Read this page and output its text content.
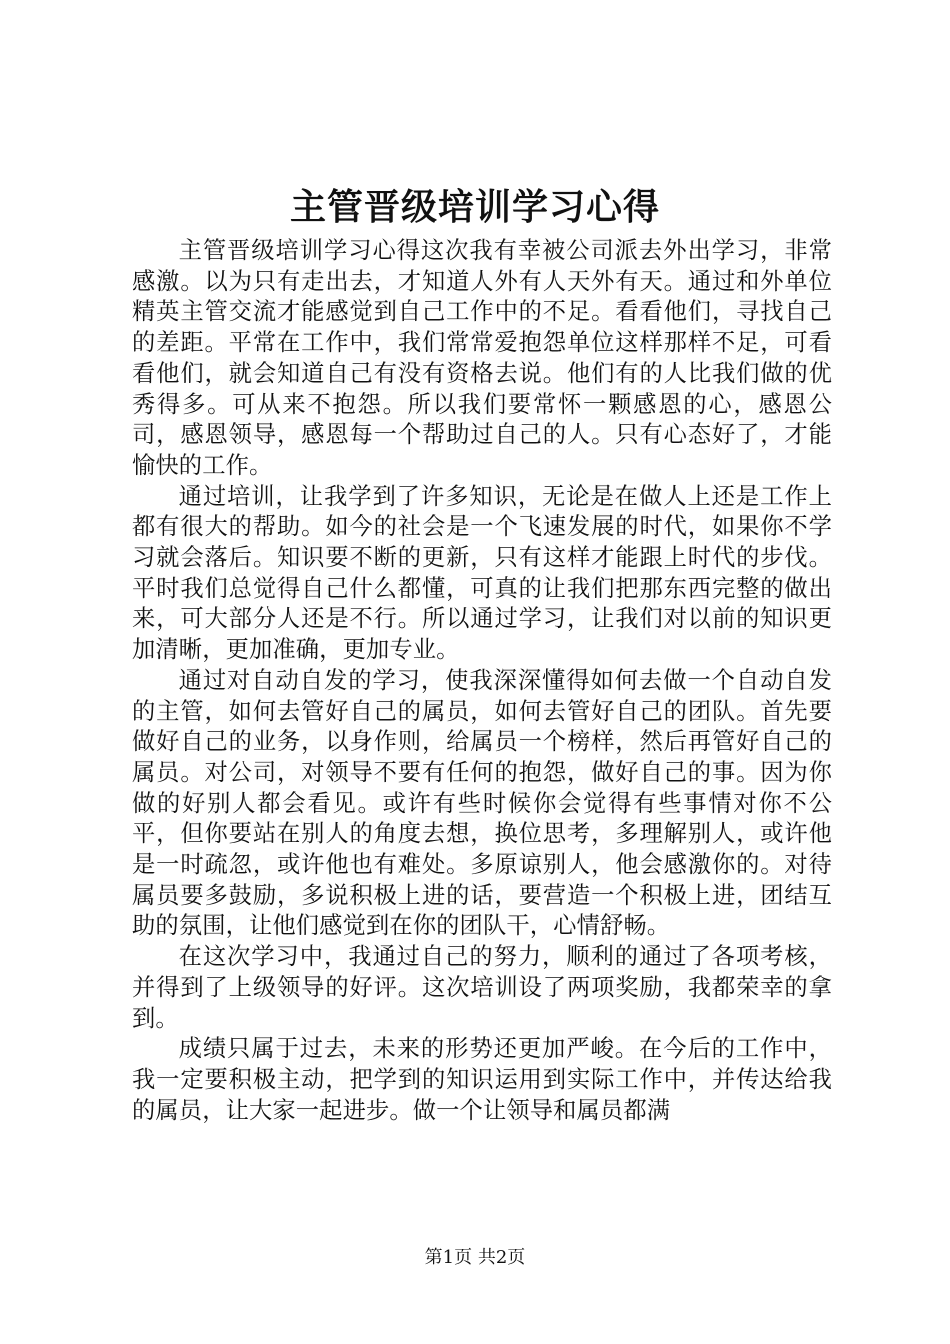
主管晋级培训学习心得

主管晋级培训学习心得这次我有幸被公司派去外出学习，非常感激。以为只有走出去，才知道人外有人天外有天。通过和外单位精英主管交流才能感觉到自己工作中的不足。看看他们，寻找自己的差距。平常在工作中，我们常常爱抱怨单位这样那样不足，可看看他们，就会知道自己有没有资格去说。他们有的人比我们做的优秀得多。可从来不抱怨。所以我们要常怀一颗感恩的心，感恩公司，感恩领导，感恩每一个帮助过自己的人。只有心态好了，才能愉快的工作。

通过培训，让我学到了许多知识，无论是在做人上还是工作上都有很大的帮助。如今的社会是一个飞速发展的时代，如果你不学习就会落后。知识要不断的更新，只有这样才能跟上时代的步伐。平时我们总觉得自己什么都懂，可真的让我们把那东西完整的做出来，可大部分人还是不行。所以通过学习，让我们对以前的知识更加清晰，更加准确，更加专业。

通过对自动自发的学习，使我深深懂得如何去做一个自动自发的主管，如何去管好自己的属员，如何去管好自己的团队。首先要做好自己的业务，以身作则，给属员一个榜样，然后再管好自己的属员。对公司，对领导不要有任何的抱怨，做好自己的事。因为你做的好别人都会看见。或许有些时候你会觉得有些事情对你不公平，但你要站在别人的角度去想，换位思考，多理解别人，或许他是一时疏忽，或许他也有难处。多原谅别人，他会感激你的。对待属员要多鼓励，多说积极上进的话，要营造一个积极上进，团结互助的氛围，让他们感觉到在你的团队干，心情舒畅。

在这次学习中，我通过自己的努力，顺利的通过了各项考核，并得到了上级领导的好评。这次培训设了两项奖励，我都荣幸的拿到。

成绩只属于过去，未来的形势还更加严峻。在今后的工作中，我一定要积极主动，把学到的知识运用到实际工作中，并传达给我的属员，让大家一起进步。做一个让领导和属员都满

第1页 共2页
